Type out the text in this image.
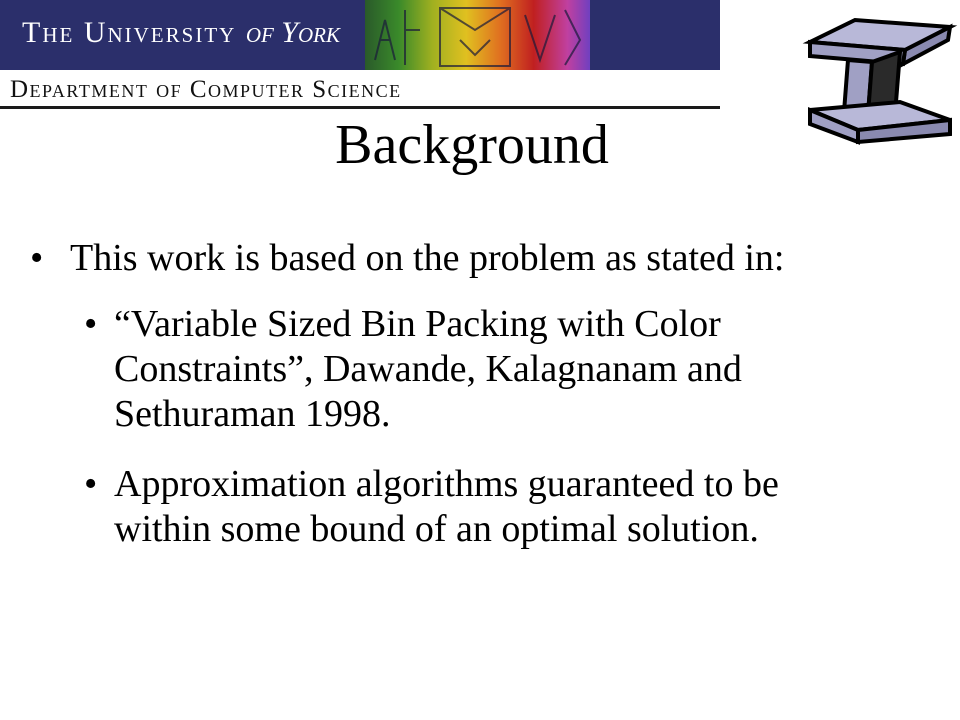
The University of York
Department of Computer Science
Background
• This work is based on the problem as stated in:
• “Variable Sized Bin Packing with Color
Constraints”, Dawande, Kalagnanam and
Sethuraman 1998.
• Approximation algorithms guaranteed to be
within some bound of an optimal solution.
